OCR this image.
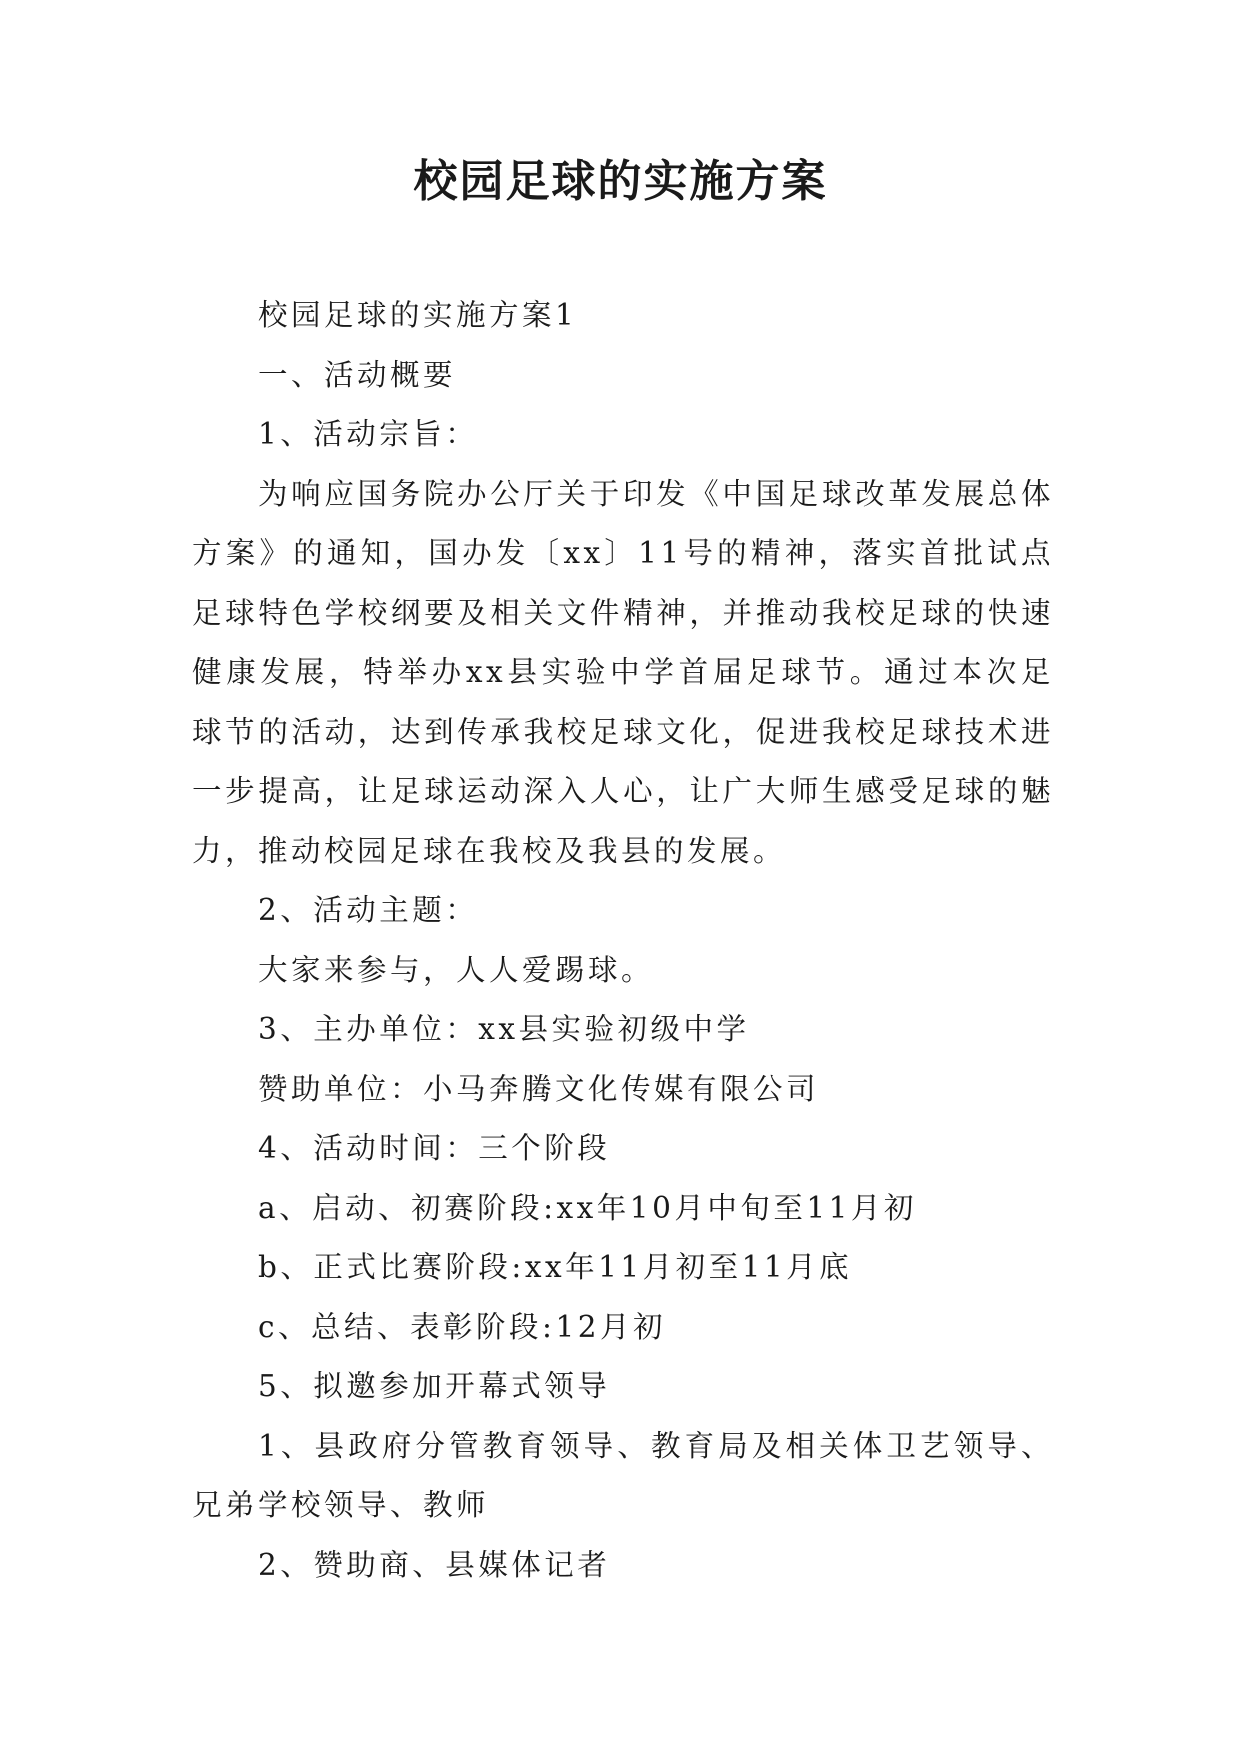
校园足球的实施方案

校园足球的实施方案1

一、活动概要

1、活动宗旨：

为响应国务院办公厅关于印发《中国足球改革发展总体方案》的通知，国办发〔xx〕11号的精神，落实首批试点足球特色学校纲要及相关文件精神，并推动我校足球的快速健康发展，特举办xx县实验中学首届足球节。通过本次足球节的活动，达到传承我校足球文化，促进我校足球技术进一步提高，让足球运动深入人心，让广大师生感受足球的魅力，推动校园足球在我校及我县的发展。

2、活动主题：

大家来参与，人人爱踢球。

3、主办单位：xx县实验初级中学

赞助单位：小马奔腾文化传媒有限公司

4、活动时间：三个阶段

a、启动、初赛阶段:xx年10月中旬至11月初

b、正式比赛阶段:xx年11月初至11月底

c、总结、表彰阶段:12月初

5、拟邀参加开幕式领导

1、县政府分管教育领导、教育局及相关体卫艺领导、兄弟学校领导、教师

2、赞助商、县媒体记者
